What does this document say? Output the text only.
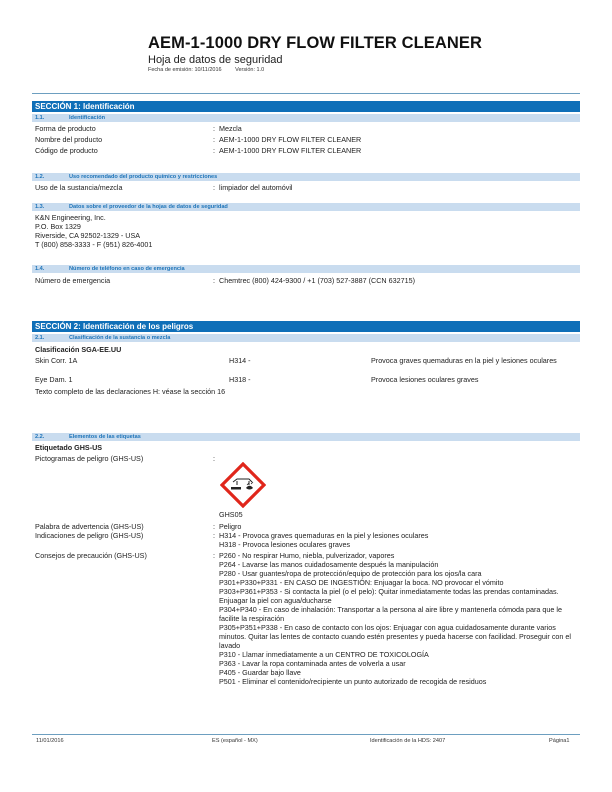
AEM-1-1000 DRY FLOW FILTER CLEANER
Hoja de datos de seguridad
Fecha de emisión: 10/11/2016 Versión: 1.0
SECCIÓN 1: Identificación
1.1.	Identificación
Forma de producto	: Mezcla
Nombre del producto	: AEM-1-1000 DRY FLOW FILTER CLEANER
Código de producto	: AEM-1-1000 DRY FLOW FILTER CLEANER
1.2.	Uso recomendado del producto químico y restricciones
Uso de la sustancia/mezcla	: limpiador del automóvil
1.3.	Datos sobre el proveedor de la hojas de datos de seguridad
K&N Engineering, Inc.
P.O. Box 1329
Riverside, CA 92502-1329 - USA
T (800) 858-3333 - F (951) 826-4001
1.4.	Número de teléfono en caso de emergencia
Número de emergencia	: Chemtrec (800) 424-9300 / +1 (703) 527-3887 (CCN 632715)
SECCIÓN 2: Identificación de los peligros
2.1.	Clasificación de la sustancia o mezcla
Clasificación SGA-EE.UU
Skin Corr. 1A	H314 -	Provoca graves quemaduras en la piel y lesiones oculares
Eye Dam. 1	H318 -	Provoca lesiones oculares graves
Texto completo de las declaraciones H: véase la sección 16
2.2.	Elementos de las etiquetas
Etiquetado GHS-US
Pictogramas de peligro (GHS-US)	:
GHS05
Palabra de advertencia (GHS-US)	: Peligro
Indicaciones de peligro (GHS-US)	: H314 - Provoca graves quemaduras en la piel y lesiones oculares
H318 - Provoca lesiones oculares graves
Consejos de precaución (GHS-US)	: P260 - No respirar Humo, niebla, pulverizador, vapores
P264 - Lavarse las manos cuidadosamente después la manipulación
P280 - Usar guantes/ropa de protección/equipo de protección para los ojos/la cara
P301+P330+P331 - EN CASO DE INGESTIÓN: Enjuagar la boca. NO provocar el vómito
P303+P361+P353 - Si contacta la piel (o el pelo): Quitar inmediatamente todas las prendas contaminadas. Enjuagar la piel con agua/ducharse
P304+P340 - En caso de inhalación: Transportar a la persona al aire libre y mantenerla cómoda para que le facilite la respiración
P305+P351+P338 - En caso de contacto con los ojos: Enjuagar con agua cuidadosamente durante varios minutos. Quitar las lentes de contacto cuando estén presentes y pueda hacerse con facilidad. Proseguir con el lavado
P310 - Llamar inmediatamente a un CENTRO DE TOXICOLOGÍA
P363 - Lavar la ropa contaminada antes de volverla a usar
P405 - Guardar bajo llave
P501 - Eliminar el contenido/recipiente un punto autorizado de recogida de residuos
11/01/2016	ES (español - MX)	Identificación de la HDS: 2407	Página1
